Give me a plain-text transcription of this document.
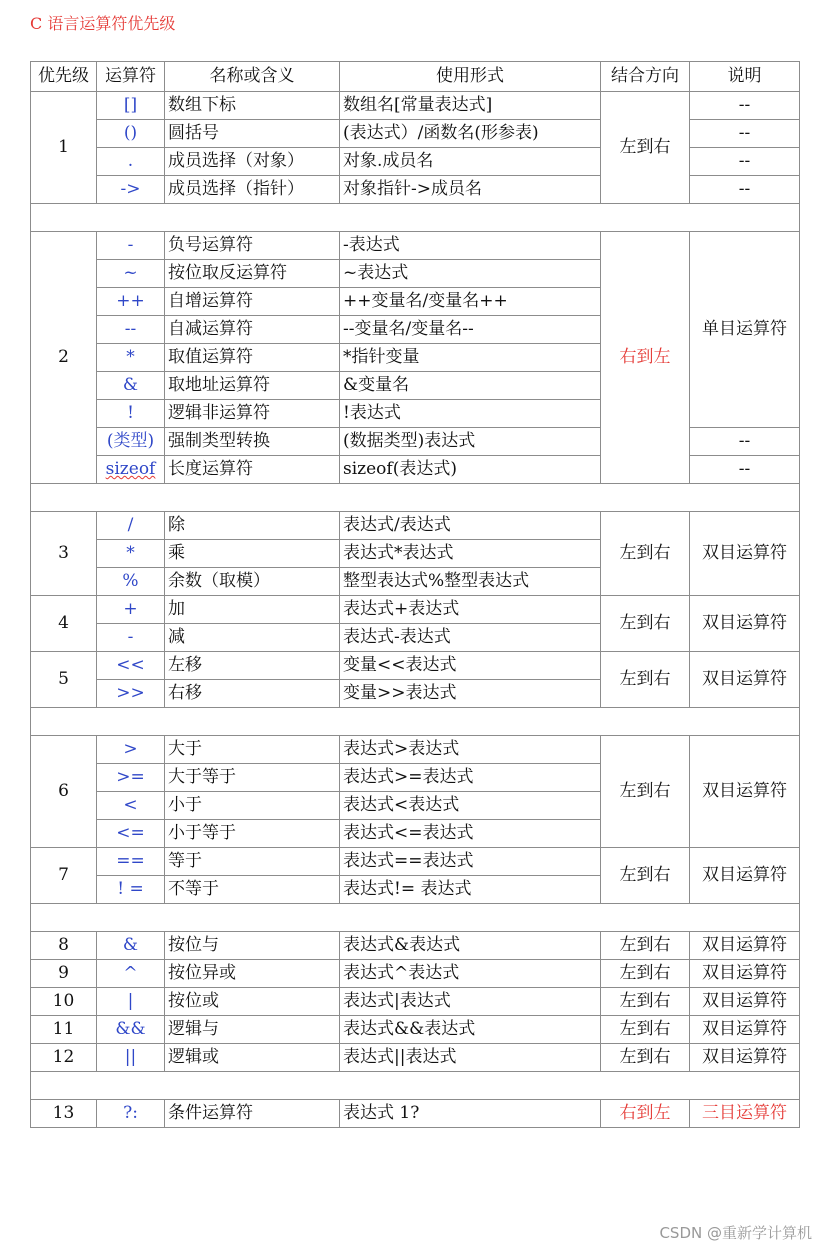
C 语言运算符优先级
优先级	运算符	名称或含义	使用形式	结合方向	说明
1	[]	数组下标	数组名[常量表达式]	左到右	--
	()	圆括号	(表达式）/函数名(形参表)		--
	.	成员选择（对象）	对象.成员名		--
	->	成员选择（指针）	对象指针->成员名		--

2	-	负号运算符	-表达式	右到左	单目运算符
	~	按位取反运算符	~表达式		
	++	自增运算符	++变量名/变量名++		
	--	自减运算符	--变量名/变量名--		
	*	取值运算符	*指针变量		
	&	取地址运算符	&变量名		
	!	逻辑非运算符	!表达式		
	(类型)	强制类型转换	(数据类型)表达式		--
	sizeof	长度运算符	sizeof(表达式)		--

3	/	除	表达式/表达式	左到右	双目运算符
	*	乘	表达式*表达式		
	%	余数（取模）	整型表达式%整型表达式		
4	+	加	表达式+表达式	左到右	双目运算符
	-	减	表达式-表达式		
5	<<	左移	变量<<表达式	左到右	双目运算符
	>>	右移	变量>>表达式		

6	>	大于	表达式>表达式	左到右	双目运算符
	>=	大于等于	表达式>=表达式		
	<	小于	表达式<表达式		
	<=	小于等于	表达式<=表达式		
7	==	等于	表达式==表达式	左到右	双目运算符
	! =	不等于	表达式!= 表达式		

8	&	按位与	表达式&表达式	左到右	双目运算符
9	^	按位异或	表达式^表达式	左到右	双目运算符
10	|	按位或	表达式|表达式	左到右	双目运算符
11	&&	逻辑与	表达式&&表达式	左到右	双目运算符
12	||	逻辑或	表达式||表达式	左到右	双目运算符

13	?:	条件运算符	表达式 1?	右到左	三目运算符
CSDN @重新学计算机
